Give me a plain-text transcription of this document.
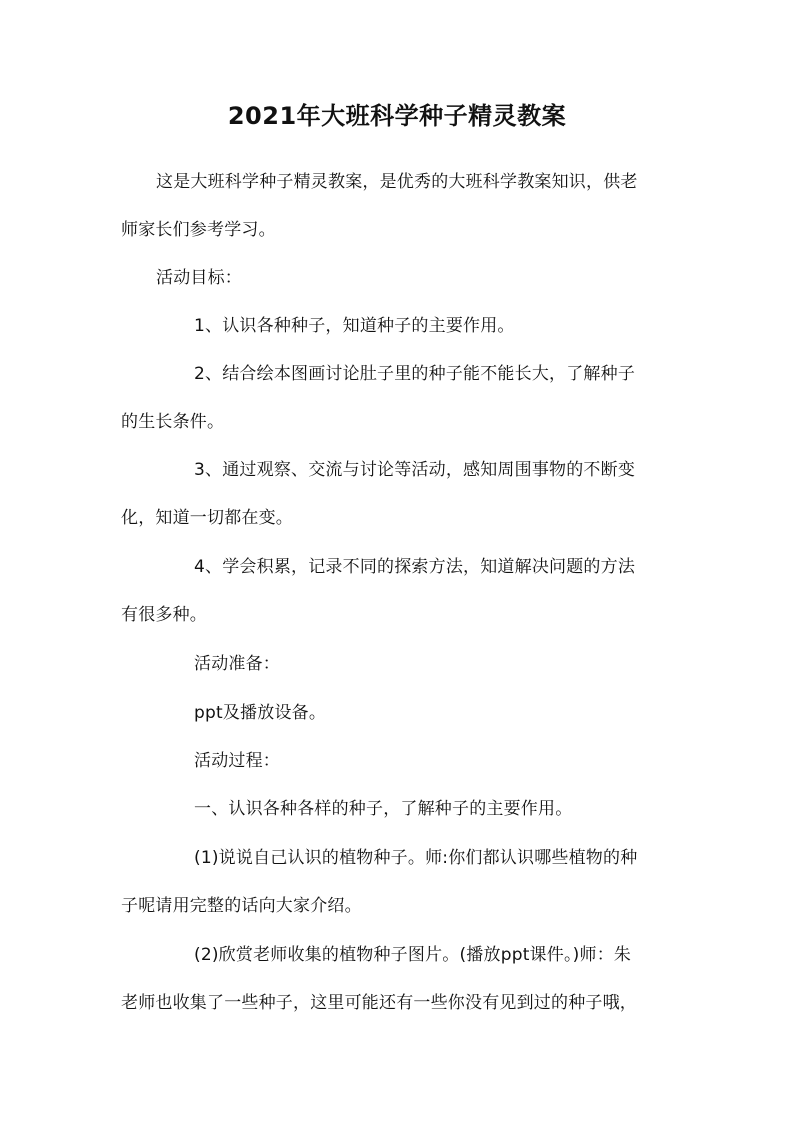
2021年大班科学种子精灵教案
这是大班科学种子精灵教案，是优秀的大班科学教案知识，供老
师家长们参考学习。
活动目标：
1、认识各种种子，知道种子的主要作用。
2、结合绘本图画讨论肚子里的种子能不能长大，了解种子
的生长条件。
3、通过观察、交流与讨论等活动，感知周围事物的不断变
化，知道一切都在变。
4、学会积累，记录不同的探索方法，知道解决问题的方法
有很多种。
活动准备：
ppt及播放设备。
活动过程：
一、认识各种各样的种子，了解种子的主要作用。
(1)说说自己认识的植物种子。师:你们都认识哪些植物的种
子呢请用完整的话向大家介绍。
(2)欣赏老师收集的植物种子图片。(播放ppt课件。)师：朱
老师也收集了一些种子，这里可能还有一些你没有见到过的种子哦，
